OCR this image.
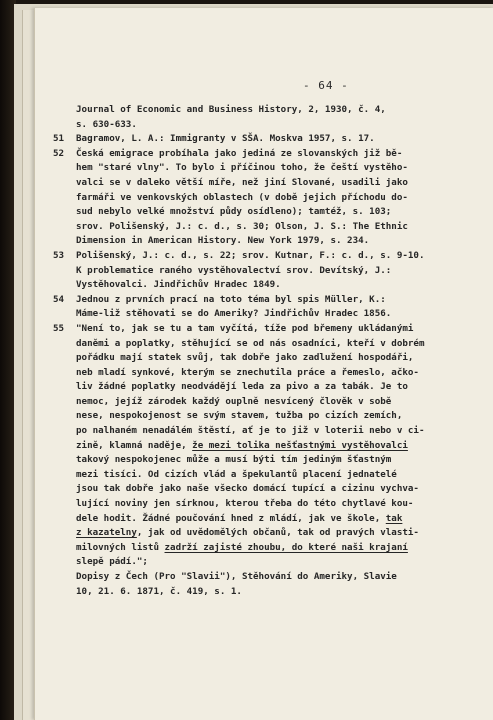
- 64 -
Journal of Economic and Business History, 2, 1930, č. 4,
s. 630-633.
51 Bagramov, L. A.: Immigranty v SŠA. Moskva 1957, s. 17.
52 Česká emigrace probíhala jako jediná ze slovanských již bě-
hem "staré vlny". To bylo i příčinou toho, že čeští vystěho-
valci se v daleko větší míře, než jiní Slované, usadili jako
farmáři ve venkovských oblastech (v době jejich příchodu do-
sud nebylo velké množství půdy osídleno); tamtéž, s. 103;
srov. Polišenský, J.: c. d., s. 30; Olson, J. S.: The Ethnic
Dimension in American History. New York 1979, s. 234.
53 Polišenský, J.: c. d., s. 22; srov. Kutnar, F.: c. d., s. 9-10.
K problematice raného vystěhovalectví srov. Devítský, J.:
Vystěhovalci. Jindřichův Hradec 1849.
54 Jednou z prvních prací na toto téma byl spis Müller, K.:
Máme-liž stěhovati se do Ameriky? Jindřichův Hradec 1856.
55 "Není to, jak se tu a tam vyčítá, tíže pod břemeny ukládanými
daněmi a poplatky, stěhující se od nás osadníci, kteří v dobrém
pořádku mají statek svůj, tak dobře jako zadlužení hospodáři,
neb mladí synkové, kterým se znechutila práce a řemeslo, ačko-
liv žádné poplatky neodvádějí leda za pivo a za tabák. Je to
nemoc, jejíž zárodek každý ouplně nesvícený člověk v sobě
nese, nespokojenost se svým stavem, tužba po cizích zemích,
po nalhaném nenadálém štěstí, ať je to již v loterii nebo v ci-
zině, klamná naděje, že mezi tolika nešťastnými vystěhovalci
takový nespokojenec může a musí býti tím jediným šťastným
mezi tisíci. Od cizích vlád a špekulantů placení jednatelé
jsou tak dobře jako naše všecko domácí tupící a cizinu vychva-
lující noviny jen sírknou, kterou třeba do této chytlavé kou-
dele hodit. Žádné poučování hned z mládí, jak ve škole, tak
z kazatelny, jak od uvědomělých občanů, tak od pravých vlasti-
milovných listů zadrží zajisté zhoubu, do které naši krajaní
slepě pádí.";
Dopisy z Čech (Pro "Slavii"), Stěhování do Ameriky, Slavie
10, 21. 6. 1871, č. 419, s. 1.
